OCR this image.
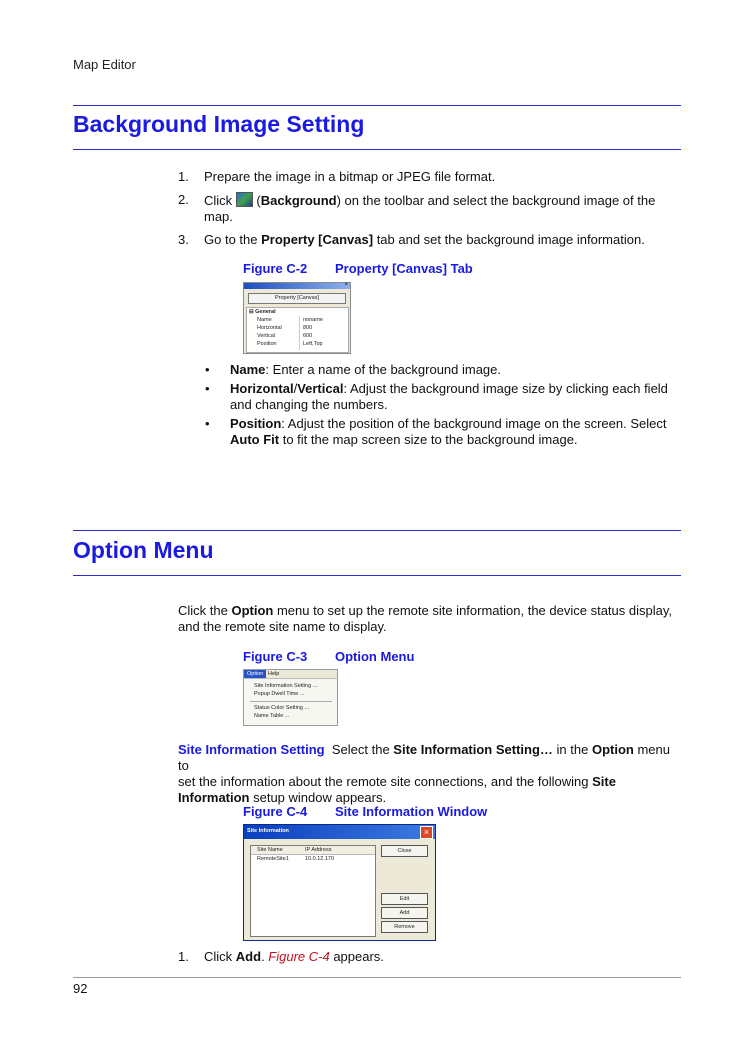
Map Editor
Background Image Setting
1. Prepare the image in a bitmap or JPEG file format.
2. Click (Background) on the toolbar and select the background image of the
map.
3. Go to the Property [Canvas] tab and set the background image information.
Figure C-2 Property [Canvas] Tab
×
Property [Canvas]
⊟ General
Name	noname
Horizontal	800
Vertical	600
Position	Left,Top
• Name: Enter a name of the background image.
• Horizontal/Vertical: Adjust the background image size by clicking each field
and changing the numbers.
• Position: Adjust the position of the background image on the screen. Select
Auto Fit to fit the map screen size to the background image.
Option Menu
Click the Option menu to set up the remote site information, the device status display,
and the remote site name to display.
Figure C-3 Option Menu
Option Help
Site Information Setting ...
Popup Dwell Time ...
Status Color Setting ...
Name Table ...
Site Information Setting Select the Site Information Setting… in the Option menu to
set the information about the remote site connections, and the following Site
Information setup window appears.
Figure C-4 Site Information Window
Site Information	×
Site Name	IP Address
RemoteSite1	10.0.12.170
Close
Edit
Add
Remove
1. Click Add. Figure C-4 appears.
92
